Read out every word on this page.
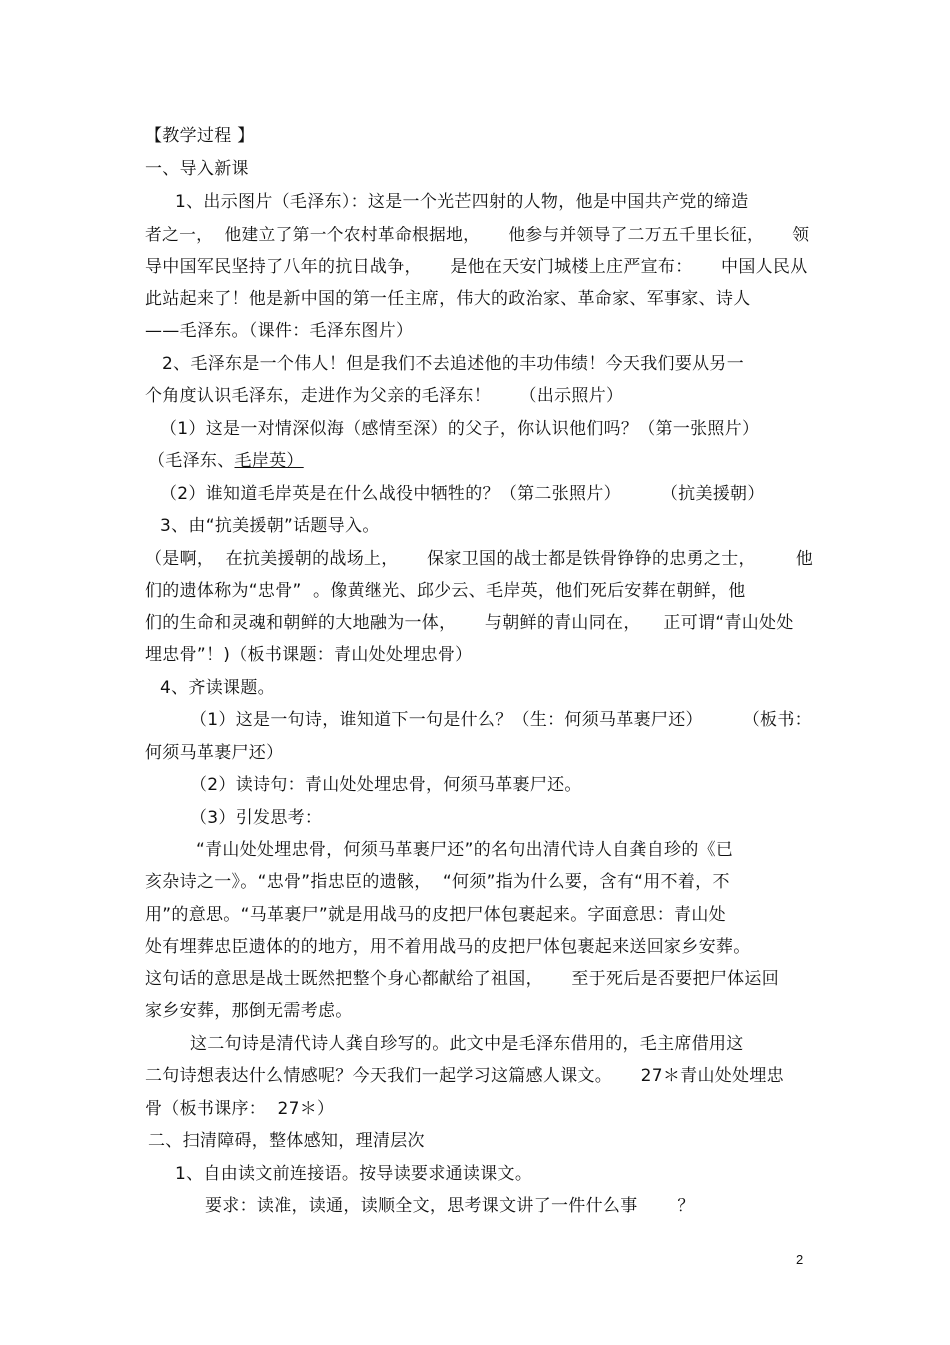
【教学过程 】
一、导入新课
1、出示图片（毛泽东）：这是一个光芒四射的人物，他是中国共产党的缔造
者之一，  他建立了第一个农村革命根据地，     他参与并领导了二万五千里长征，     领
导中国军民坚持了八年的抗日战争，     是他在天安门城楼上庄严宣布：     中国人民从
此站起来了！他是新中国的第一任主席，伟大的政治家、革命家、军事家、诗人
——毛泽东。（课件：毛泽东图片）
2、毛泽东是一个伟人！但是我们不去追述他的丰功伟绩！今天我们要从另一
个角度认识毛泽东，走进作为父亲的毛泽东！     （出示照片）
（1）这是一对情深似海（感情至深）的父子，你认识他们吗？（第一张照片）
（毛泽东、毛岸英）
（2）谁知道毛岸英是在什么战役中牺牲的？（第二张照片）       （抗美援朝）
3、由“抗美援朝”话题导入。
（是啊，  在抗美援朝的战场上，     保家卫国的战士都是铁骨铮铮的忠勇之士，       他
们的遗体称为“忠骨”  。像黄继光、邱少云、毛岸英，他们死后安葬在朝鲜，他
们的生命和灵魂和朝鲜的大地融为一体，     与朝鲜的青山同在，    正可谓“青山处处
埋忠骨”！)（板书课题：青山处处埋忠骨）
4、齐读课题。
（1）这是一句诗，谁知道下一句是什么？（生：何须马革裹尸还）       （板书：
何须马革裹尸还）
（2）读诗句：青山处处埋忠骨，何须马革裹尸还。
（3）引发思考：
“青山处处埋忠骨，何须马革裹尸还”的名句出清代诗人自龚自珍的《已
亥杂诗之一》。“忠骨”指忠臣的遗骸，  “何须”指为什么要，含有“用不着，不
用”的意思。“马革裹尸”就是用战马的皮把尸体包裹起来。字面意思：青山处
处有埋葬忠臣遗体的的地方，用不着用战马的皮把尸体包裹起来送回家乡安葬。
这句话的意思是战士既然把整个身心都献给了祖国，     至于死后是否要把尸体运回
家乡安葬，那倒无需考虑。
这二句诗是清代诗人龚自珍写的。此文中是毛泽东借用的，毛主席借用这
二句诗想表达什么情感呢？今天我们一起学习这篇感人课文。     27＊青山处处埋忠
骨（板书课序：  27＊）
二、扫清障碍，整体感知，理清层次
1、自由读文前连接语。按导读要求通读课文。
要求：读准，读通，读顺全文，思考课文讲了一件什么事       ？
2
